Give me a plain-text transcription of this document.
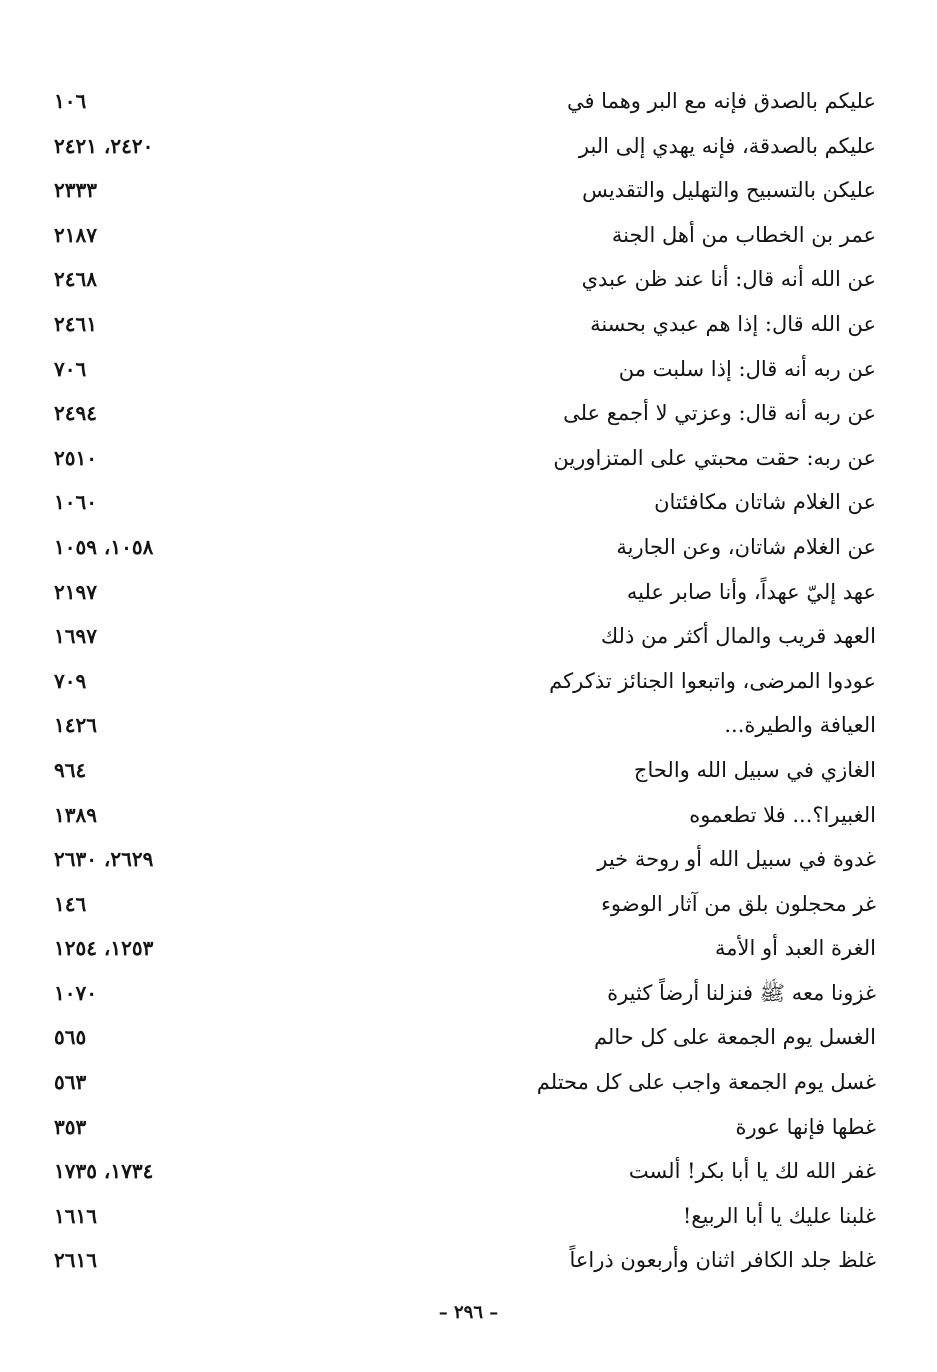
عليكم بالصدق فإنه مع البر وهما في
١٠٦
عليكم بالصدقة، فإنه يهدي إلى البر
٢٤٢٠، ٢٤٢١
عليكن بالتسبيح والتهليل والتقديس
٢٣٣٣
عمر بن الخطاب من أهل الجنة
٢١٨٧
عن الله أنه قال: أنا عند ظن عبدي
٢٤٦٨
عن الله قال: إذا هم عبدي بحسنة
٢٤٦١
عن ربه أنه قال: إذا سلبت من
٧٠٦
عن ربه أنه قال: وعزتي لا أجمع على
٢٤٩٤
عن ربه: حقت محبتي على المتزاورين
٢٥١٠
عن الغلام شاتان مكافئتان
١٠٦٠
عن الغلام شاتان، وعن الجارية
١٠٥٨، ١٠٥٩
عهد إليّ عهداً، وأنا صابر عليه
٢١٩٧
العهد قريب والمال أكثر من ذلك
١٦٩٧
عودوا المرضى، واتبعوا الجنائز تذكركم
٧٠٩
العيافة والطيرة...
١٤٢٦
الغازي في سبيل الله والحاج
٩٦٤
الغبيرا؟... فلا تطعموه
١٣٨٩
غدوة في سبيل الله أو روحة خير
٢٦٢٩، ٢٦٣٠
غر محجلون بلق من آثار الوضوء
١٤٦
الغرة العبد أو الأمة
١٢٥٣، ١٢٥٤
غزونا معه ﷺ فنزلنا أرضاً كثيرة
١٠٧٠
الغسل يوم الجمعة على كل حالم
٥٦٥
غسل يوم الجمعة واجب على كل محتلم
٥٦٣
غطها فإنها عورة
٣٥٣
غفر الله لك يا أبا بكر! ألست
١٧٣٤، ١٧٣٥
غلبنا عليك يا أبا الربيع!
١٦١٦
غلظ جلد الكافر اثنان وأربعون ذراعاً
٢٦١٦
– ٢٩٦ –
